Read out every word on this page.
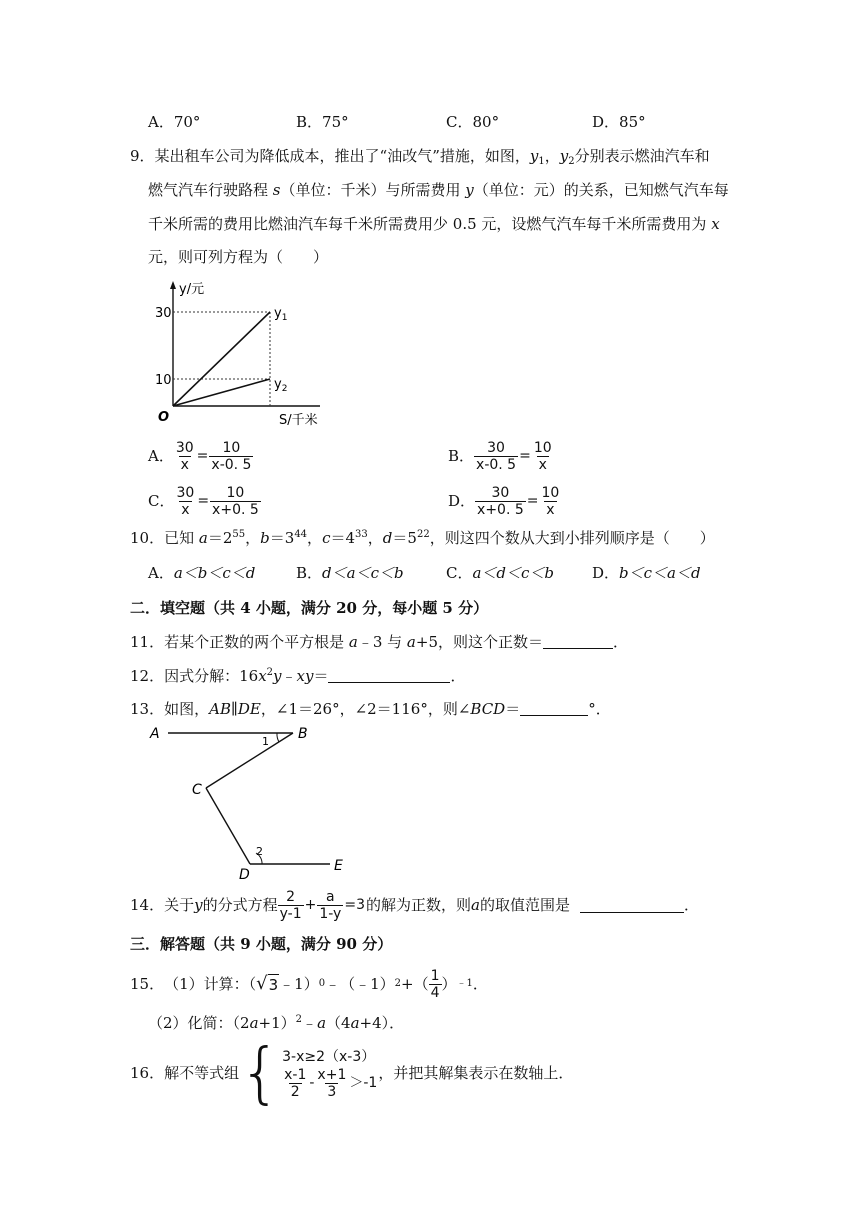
A．70°	B．75°	C．80°	D．85°
9．某出租车公司为降低成本，推出了“油改气”措施，如图，$y_1$，$y_2$分别表示燃油汽车和
燃气汽车行驶路程 s（单位：千米）与所需费用 y（单位：元）的关系，已知燃气汽车每
千米所需的费用比燃油汽车每千米所需费用少 0.5 元，设燃气汽车每千米所需费用为 x
元，则可列方程为（　　）
y/元
S/千米
O
30
10
$y_1$
$y_2$
A． $\frac{30}{x} = \frac{10}{x-0. 5}$	B． $\frac{30}{x-0. 5} = \frac{10}{x}$
C． $\frac{30}{x} = \frac{10}{x+0. 5}$	D． $\frac{30}{x+0. 5} = \frac{10}{x}$
10．已知 $a=2^{55}$，$b=3^{44}$，$c=4^{33}$，$d=5^{22}$，则这四个数从大到小排列顺序是（　　）
A．a＜b＜c＜d	B．d＜a＜c＜b	C．a＜d＜c＜b	D．b＜c＜a＜d
二．填空题（共 4 小题，满分 20 分，每小题 5 分）
11．若某个正数的两个平方根是 a﹣3 与 a+5，则这个正数＝	．
12．因式分解：$16x^2y﹣xy=$	．
13．如图，AB∥DE，∠1＝26°，∠2＝116°，则∠BCD＝	°．
A	B
C
D
E
1
2
14． 关于 y 的分式方程 $\frac{2}{y-1} + \frac{a}{1-y} =3$ 的解为正数，则 a 的取值范围是	．
三．解答题（共 9 小题，满分 90 分）
15． （1）计算：（ √ 3 ﹣1） 0 ﹣（﹣1） 2 +（ $\frac{1}{4}$ ） ﹣1 ．
（2）化简：$(2a+1)^2﹣a(4a+4)$．
16． 解不等式组 { 3-x≥2（x-3）
$\frac{x-1}{2} - \frac{x+1}{3} >-1$
，并把其解集表示在数轴上．
